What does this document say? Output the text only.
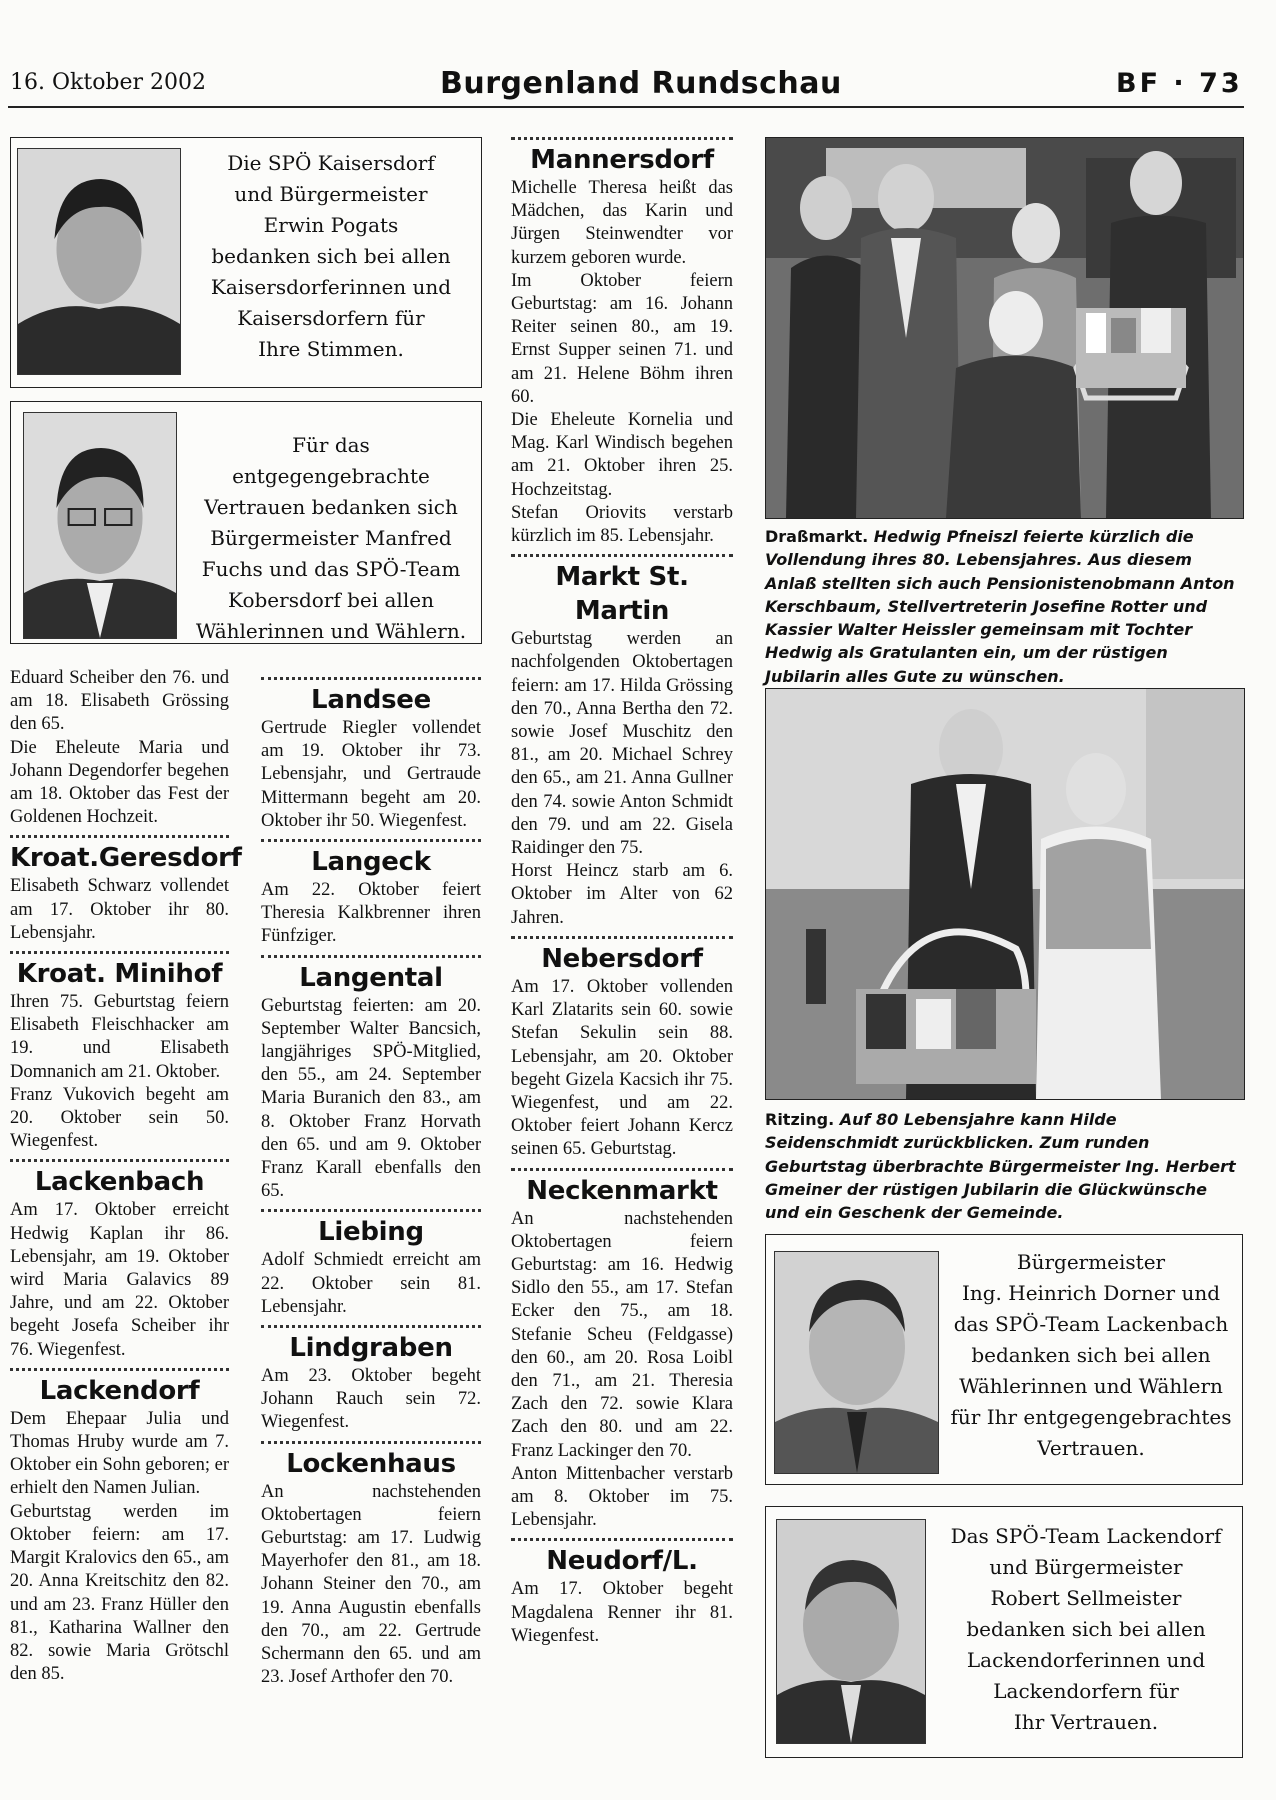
16. Oktober 2002	Burgenland Rundschau	BF · 73
Die SPÖ Kaisersdorf
und Bürgermeister
Erwin Pogats
bedanken sich bei allen
Kaisersdorferinnen und
Kaisersdorfern für
Ihre Stimmen.
Für das entgegengebrachte
Vertrauen bedanken sich
Bürgermeister Manfred
Fuchs und das SPÖ-Team
Kobersdorf bei allen
Wählerinnen und Wählern.

Eduard Scheiber den 76. und am 18. Elisabeth Grössing den 65.

Die Eheleute Maria und Johann Degendorfer begehen am 18. Oktober das Fest der Goldenen Hochzeit.

Kroat.Geresdorf

Elisabeth Schwarz vollendet am 17. Oktober ihr 80. Lebensjahr.

Kroat. Minihof

Ihren 75. Geburtstag feiern Elisabeth Fleischhacker am 19. und Elisabeth Domnanich am 21. Oktober.

Franz Vukovich begeht am 20. Oktober sein 50. Wiegenfest.

Lackenbach

Am 17. Oktober erreicht Hedwig Kaplan ihr 86. Lebensjahr, am 19. Oktober wird Maria Galavics 89 Jahre, und am 22. Oktober begeht Josefa Scheiber ihr 76. Wiegenfest.

Lackendorf

Dem Ehepaar Julia und Thomas Hruby wurde am 7. Oktober ein Sohn geboren; er erhielt den Namen Julian.

Geburtstag werden im Oktober feiern: am 17. Margit Kralovics den 65., am 20. Anna Kreitschitz den 82. und am 23. Franz Hüller den 81., Katharina Wallner den 82. sowie Maria Grötschl den 85.

Landsee

Gertrude Riegler vollendet am 19. Oktober ihr 73. Lebensjahr, und Gertraude Mittermann begeht am 20. Oktober ihr 50. Wiegenfest.

Langeck

Am 22. Oktober feiert Theresia Kalkbrenner ihren Fünfziger.

Langental

Geburtstag feierten: am 20. September Walter Bancsich, langjähriges SPÖ-Mitglied, den 55., am 24. September Maria Buranich den 83., am 8. Oktober Franz Horvath den 65. und am 9. Oktober Franz Karall ebenfalls den 65.

Liebing

Adolf Schmiedt erreicht am 22. Oktober sein 81. Lebensjahr.

Lindgraben

Am 23. Oktober begeht Johann Rauch sein 72. Wiegenfest.

Lockenhaus

An nachstehenden Oktobertagen feiern Geburtstag: am 17. Ludwig Mayerhofer den 81., am 18. Johann Steiner den 70., am 19. Anna Augustin ebenfalls den 70., am 22. Gertrude Schermann den 65. und am 23. Josef Arthofer den 70.

Mannersdorf

Michelle Theresa heißt das Mädchen, das Karin und Jürgen Steinwendter vor kurzem geboren wurde.

Im Oktober feiern Geburtstag: am 16. Johann Reiter seinen 80., am 19. Ernst Supper seinen 71. und am 21. Helene Böhm ihren 60.

Die Eheleute Kornelia und Mag. Karl Windisch begehen am 21. Oktober ihren 25. Hochzeitstag.

Stefan Oriovits verstarb kürzlich im 85. Lebensjahr.

Markt St. Martin

Geburtstag werden an nachfolgenden Oktobertagen feiern: am 17. Hilda Grössing den 70., Anna Bertha den 72. sowie Josef Muschitz den 81., am 20. Michael Schrey den 65., am 21. Anna Gullner den 74. sowie Anton Schmidt den 79. und am 22. Gisela Raidinger den 75.

Horst Heincz starb am 6. Oktober im Alter von 62 Jahren.

Nebersdorf

Am 17. Oktober vollenden Karl Zlatarits sein 60. sowie Stefan Sekulin sein 88. Lebensjahr, am 20. Oktober begeht Gizela Kacsich ihr 75. Wiegenfest, und am 22. Oktober feiert Johann Kercz seinen 65. Geburtstag.

Neckenmarkt

An nachstehenden Oktobertagen feiern Geburtstag: am 16. Hedwig Sidlo den 55., am 17. Stefan Ecker den 75., am 18. Stefanie Scheu (Feldgasse) den 60., am 20. Rosa Loibl den 71., am 21. Theresia Zach den 72. sowie Klara Zach den 80. und am 22. Franz Lackinger den 70.

Anton Mittenbacher verstarb am 8. Oktober im 75. Lebensjahr.

Neudorf/L.

Am 17. Oktober begeht Magdalena Renner ihr 81. Wiegenfest.

Draßmarkt. Hedwig Pfneiszl feierte kürzlich die Vollendung ihres 80. Lebensjahres. Aus diesem Anlaß stellten sich auch Pensionistenobmann Anton Kerschbaum, Stellvertreterin Josefine Rotter und Kassier Walter Heissler gemeinsam mit Tochter Hedwig als Gratulanten ein, um der rüstigen Jubilarin alles Gute zu wünschen.
Ritzing. Auf 80 Lebensjahre kann Hilde Seidenschmidt zurückblicken. Zum runden Geburtstag überbrachte Bürgermeister Ing. Herbert Gmeiner der rüstigen Jubilarin die Glückwünsche und ein Geschenk der Gemeinde.
Bürgermeister
Ing. Heinrich Dorner und
das SPÖ-Team Lackenbach
bedanken sich bei allen
Wählerinnen und Wählern
für Ihr entgegengebrachtes
Vertrauen.
Das SPÖ-Team Lackendorf
und Bürgermeister
Robert Sellmeister
bedanken sich bei allen
Lackendorferinnen und
Lackendorfern für
Ihr Vertrauen.
